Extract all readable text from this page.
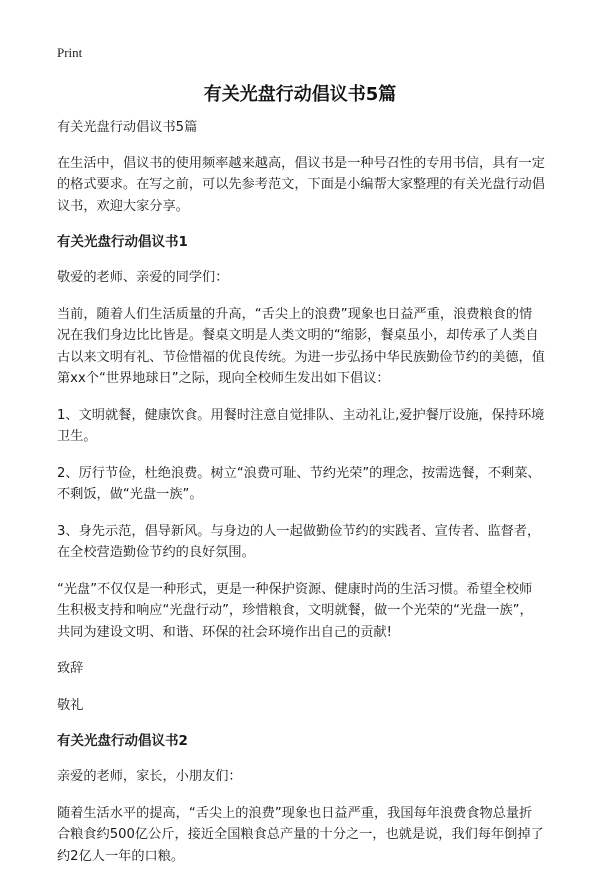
Print
有关光盘行动倡议书5篇

有关光盘行动倡议书5篇

在生活中，倡议书的使用频率越来越高，倡议书是一种号召性的专用书信，具有一定的格式要求。在写之前，可以先参考范文，下面是小编帮大家整理的有关光盘行动倡议书，欢迎大家分享。

有关光盘行动倡议书1

敬爱的老师、亲爱的同学们：

当前，随着人们生活质量的升高，“舌尖上的浪费”现象也日益严重，浪费粮食的情况在我们身边比比皆是。餐桌文明是人类文明的“缩影，餐桌虽小，却传承了人类自古以来文明有礼、节俭惜福的优良传统。为进一步弘扬中华民族勤俭节约的美德，值第xx个“世界地球日”之际，现向全校师生发出如下倡议：

1、文明就餐，健康饮食。用餐时注意自觉排队、主动礼让,爱护餐厅设施，保持环境卫生。

2、厉行节俭，杜绝浪费。树立“浪费可耻、节约光荣”的理念，按需选餐，不剩菜、不剩饭，做“光盘一族”。

3、身先示范，倡导新风。与身边的人一起做勤俭节约的实践者、宣传者、监督者，在全校营造勤俭节约的良好氛围。

“光盘”不仅仅是一种形式，更是一种保护资源、健康时尚的生活习惯。希望全校师生积极支持和响应“光盘行动”，珍惜粮食，文明就餐，做一个光荣的“光盘一族”，共同为建设文明、和谐、环保的社会环境作出自己的贡献!

致辞

敬礼

有关光盘行动倡议书2

亲爱的老师，家长，小朋友们：

随着生活水平的提高，“舌尖上的浪费”现象也日益严重，我国每年浪费食物总量折合粮食约500亿公斤，接近全国粮食总产量的十分之一，也就是说，我们每年倒掉了约2亿人一年的口粮。
